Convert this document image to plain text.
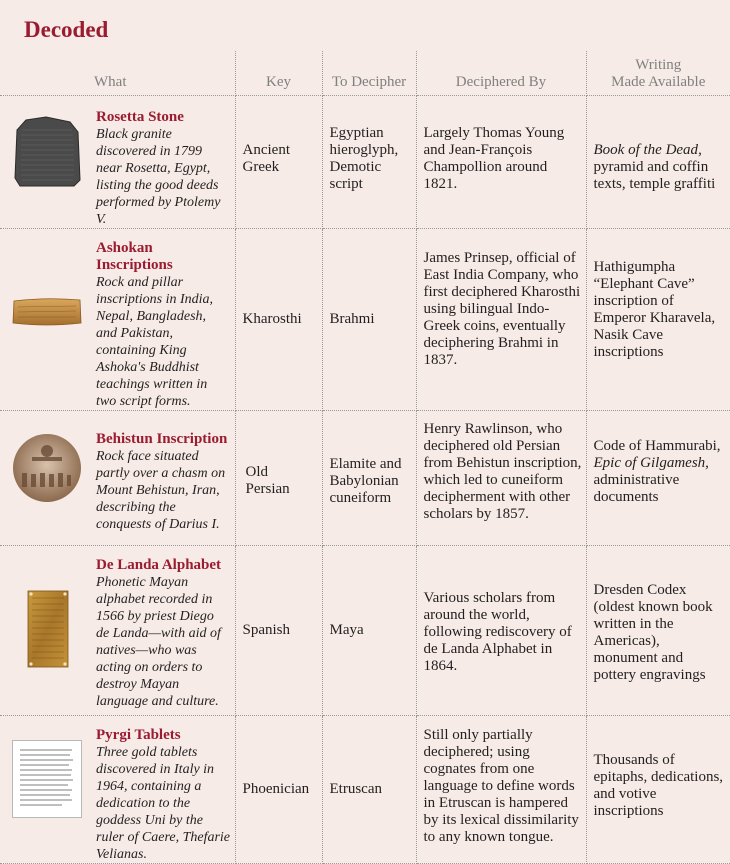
Decoded
What	Key	To Decipher	Deciphered By	Writing
Made Available

Rosetta Stone
Black granite discovered in 1799 near Rosetta, Egypt, listing the good deeds performed by Ptolemy V.	Ancient
Greek	Egyptian hieroglyph, Demotic script	Largely Thomas Young and Jean-François Champollion around 1821.	Book of the Dead, pyramid and coffin texts, temple graffiti

Ashokan Inscriptions
Rock and pillar inscriptions in India, Nepal, Bangladesh, and Pakistan, containing King Ashoka's Buddhist teachings written in two script forms.	Kharosthi	Brahmi	James Prinsep, official of East India Company, who first deciphered Kharosthi using bilingual Indo-Greek coins, eventually deciphering Brahmi in 1837.	Hathigumpha “Elephant Cave” inscription of Emperor Kharavela, Nasik Cave inscriptions

Behistun Inscription
Rock face situated partly over a chasm on Mount Behistun, Iran, describing the conquests of Darius I.	Old
Persian	Elamite and Babylonian cuneiform	Henry Rawlinson, who deciphered old Persian from Behistun inscription, which led to cuneiform decipherment with other scholars by 1857.	Code of Hammurabi,
Epic of Gilgamesh, administrative documents

De Landa Alphabet
Phonetic Mayan alphabet recorded in 1566 by priest Diego de Landa—with aid of natives—who was acting on orders to destroy Mayan language and culture.	Spanish	Maya	Various scholars from around the world, following rediscovery of de Landa Alphabet in 1864.	Dresden Codex (oldest known book written in the Americas), monument and pottery engravings

Pyrgi Tablets
Three gold tablets discovered in Italy in 1964, containing a dedication to the goddess Uni by the ruler of Caere, Thefarie Velianas.	Phoenician	Etruscan	Still only partially deciphered; using cognates from one language to define words in Etruscan is hampered by its lexical dissimilarity to any known tongue.	Thousands of epitaphs, dedications, and votive inscriptions
